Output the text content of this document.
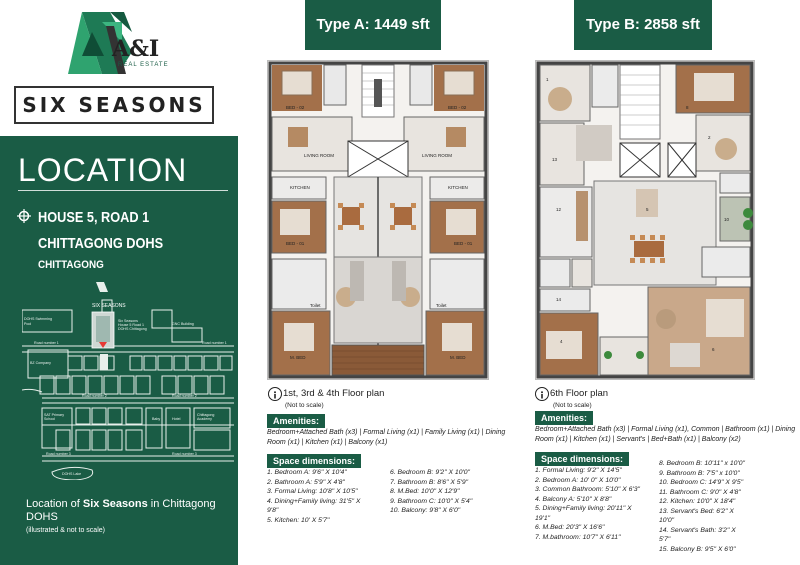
A&I
REAL ESTATE
SIX SEASONS
LOCATION
HOUSE 5, ROAD 1
CHITTAGONG DOHS
CHITTAGONG
SIX SEASONS
DOHS Swimming
Pool
Six Seasons
House 5 Road 1
DOHS Chittagong
GNC Building
Road number 1	Road number 1
BZ Company
Road number 2	Road number 2
SAT Primary
School
Chittagong
Academy
Baby	Hotel
Road number 3	Road number 3
DOHS Lake
Location of Six Seasons in Chittagong DOHS
(illustrated & not to scale)
Type A: 1449 sft	Type B: 2858 sft
BED - 02	BED - 02
LIVING ROOM	LIVING ROOM
KITCHEN	KITCHEN
BED - 01	BED - 01
M. BED	M. BED
Toilet	Toilet
1
8
2
13
12	5
10
14
4
6
1st, 3rd & 4th Floor plan
(Not to scale)
6th Floor plan
(Not to scale)
Amenities:
Bedroom+Attached Bath (x3) | Formal Living (x1) | Family Living (x1) | Dining Room (x1) | Kitchen (x1) | Balcony (x1)
Amenities:
Bedroom+Attached Bath (x3) | Formal Living (x1), Common | Bathroom (x1) | Dining Room (x1) | Kitchen (x1) | Servant's | Bed+Bath (x1) | Balcony (x2)
Space dimensions:
1. Bedroom A: 9'6" X 10'4"
2. Bathroom A: 5'9" X 4'8"
3. Formal Living: 10'8" X 10'5"
4. Dining+Family living: 31'5" X
9'8"
5. Kitchen: 10' X 5'7"
6. Bedroom B: 9'2" X 10'0"
7. Bathroom B: 8'6" X 5'9"
8. M.Bed: 10'0" X 12'9"
9. Bathroom C: 10'0" X 5'4"
10. Balcony: 9'8" X 6'0"
Space dimensions:
1. Formal Living: 9'2" X 14'5"
2. Bedroom A: 10' 0" X 10'0"
3. Common Bathroom: 5'10" X 6'3"
4. Balcony A: 5'10" X 8'8"
5. Dining+Family living: 20'11" X
19'1"
6. M.Bed: 20'3" X 16'6"
7. M.bathroom: 10'7" X 6'11"
8. Bedroom B: 10'11" x 10'0"
9. Bathroom B: 7'5" x 10'0"
10. Bedroom C: 14'9" X 9'5"
11. Bathroom C: 9'0" X 4'8"
12. Kitchen: 10'0" X 18'4"
13. Servant's Bed: 6'2" X
10'0"
14. Servant's Bath: 3'2" X
5'7"
15. Balcony B: 9'5" X 6'0"
